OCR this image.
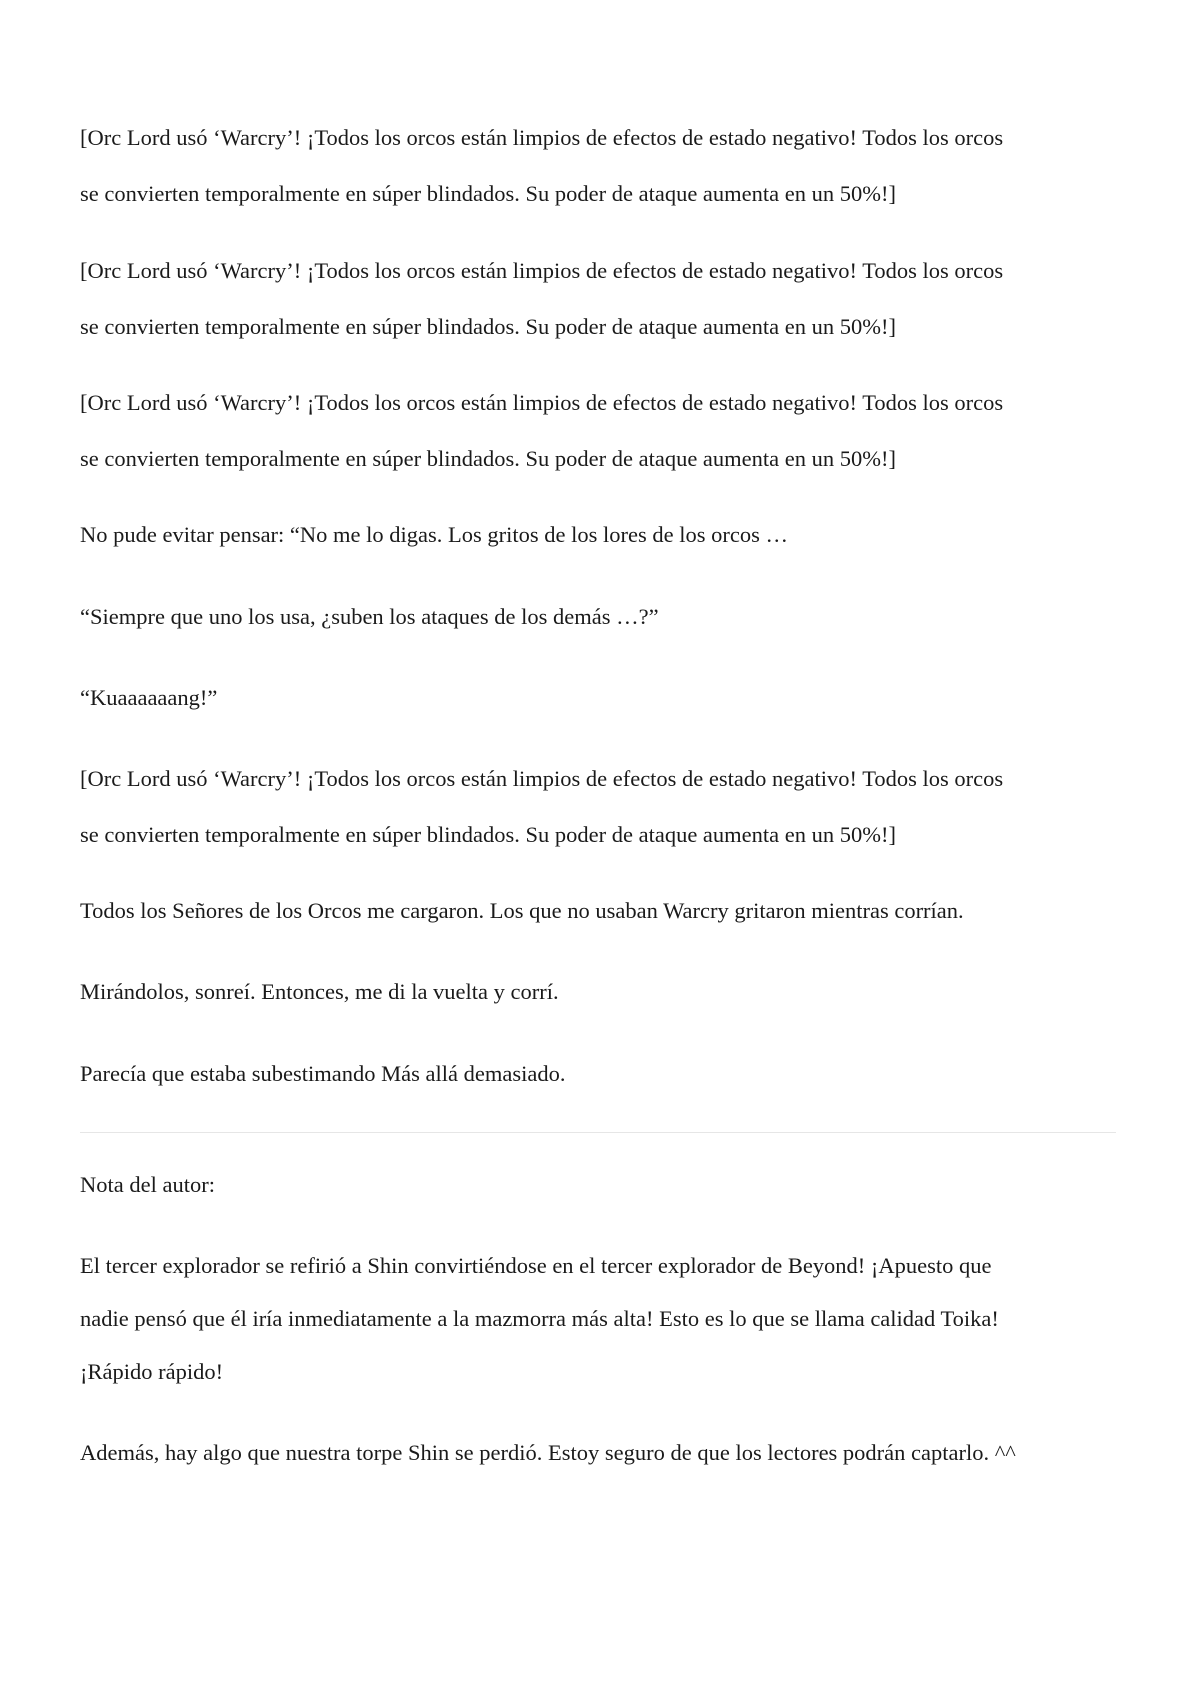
[Orc Lord usó ‘Warcry’! ¡Todos los orcos están limpios de efectos de estado negativo! Todos los orcos
se convierten temporalmente en súper blindados. Su poder de ataque aumenta en un 50%!]

[Orc Lord usó ‘Warcry’! ¡Todos los orcos están limpios de efectos de estado negativo! Todos los orcos
se convierten temporalmente en súper blindados. Su poder de ataque aumenta en un 50%!]

[Orc Lord usó ‘Warcry’! ¡Todos los orcos están limpios de efectos de estado negativo! Todos los orcos
se convierten temporalmente en súper blindados. Su poder de ataque aumenta en un 50%!]

No pude evitar pensar: “No me lo digas. Los gritos de los lores de los orcos …

“Siempre que uno los usa, ¿suben los ataques de los demás …?”

“Kuaaaaaang!”

[Orc Lord usó ‘Warcry’! ¡Todos los orcos están limpios de efectos de estado negativo! Todos los orcos
se convierten temporalmente en súper blindados. Su poder de ataque aumenta en un 50%!]

Todos los Señores de los Orcos me cargaron. Los que no usaban Warcry gritaron mientras corrían.

Mirándolos, sonreí. Entonces, me di la vuelta y corrí.

Parecía que estaba subestimando Más allá demasiado.

Nota del autor:

El tercer explorador se refirió a Shin convirtiéndose en el tercer explorador de Beyond! ¡Apuesto que
nadie pensó que él iría inmediatamente a la mazmorra más alta! Esto es lo que se llama calidad Toika!
¡Rápido rápido!

Además, hay algo que nuestra torpe Shin se perdió. Estoy seguro de que los lectores podrán captarlo. ^^
